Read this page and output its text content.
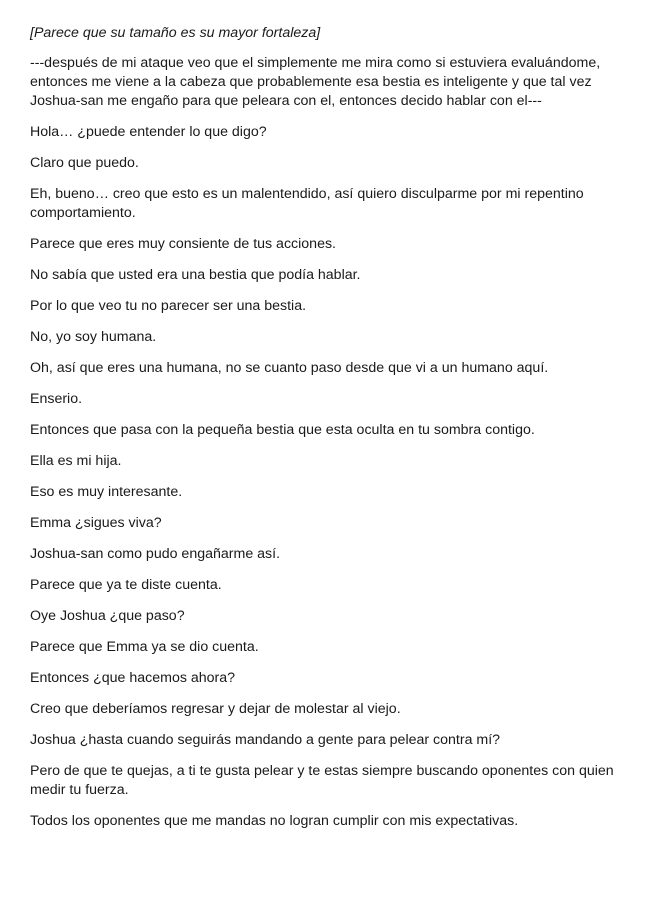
[Parece que su tamaño es su mayor fortaleza]

---después de mi ataque veo que el simplemente me mira como si estuviera evaluándome, entonces me viene a la cabeza que probablemente esa bestia es inteligente y que tal vez Joshua-san me engaño para que peleara con el, entonces decido hablar con el---

Hola… ¿puede entender lo que digo?

Claro que puedo.

Eh, bueno… creo que esto es un malentendido, así quiero disculparme por mi repentino comportamiento.

Parece que eres muy consiente de tus acciones.

No sabía que usted era una bestia que podía hablar.

Por lo que veo tu no parecer ser una bestia.

No, yo soy humana.

Oh, así que eres una humana, no se cuanto paso desde que vi a un humano aquí.

Enserio.

Entonces que pasa con la pequeña bestia que esta oculta en tu sombra contigo.

Ella es mi hija.

Eso es muy interesante.

Emma ¿sigues viva?

Joshua-san como pudo engañarme así.

Parece que ya te diste cuenta.

Oye Joshua ¿que paso?

Parece que Emma ya se dio cuenta.

Entonces ¿que hacemos ahora?

Creo que deberíamos regresar y dejar de molestar al viejo.

Joshua ¿hasta cuando seguirás mandando a gente para pelear contra mí?

Pero de que te quejas, a ti te gusta pelear y te estas siempre buscando oponentes con quien medir tu fuerza.

Todos los oponentes que me mandas no logran cumplir con mis expectativas.
